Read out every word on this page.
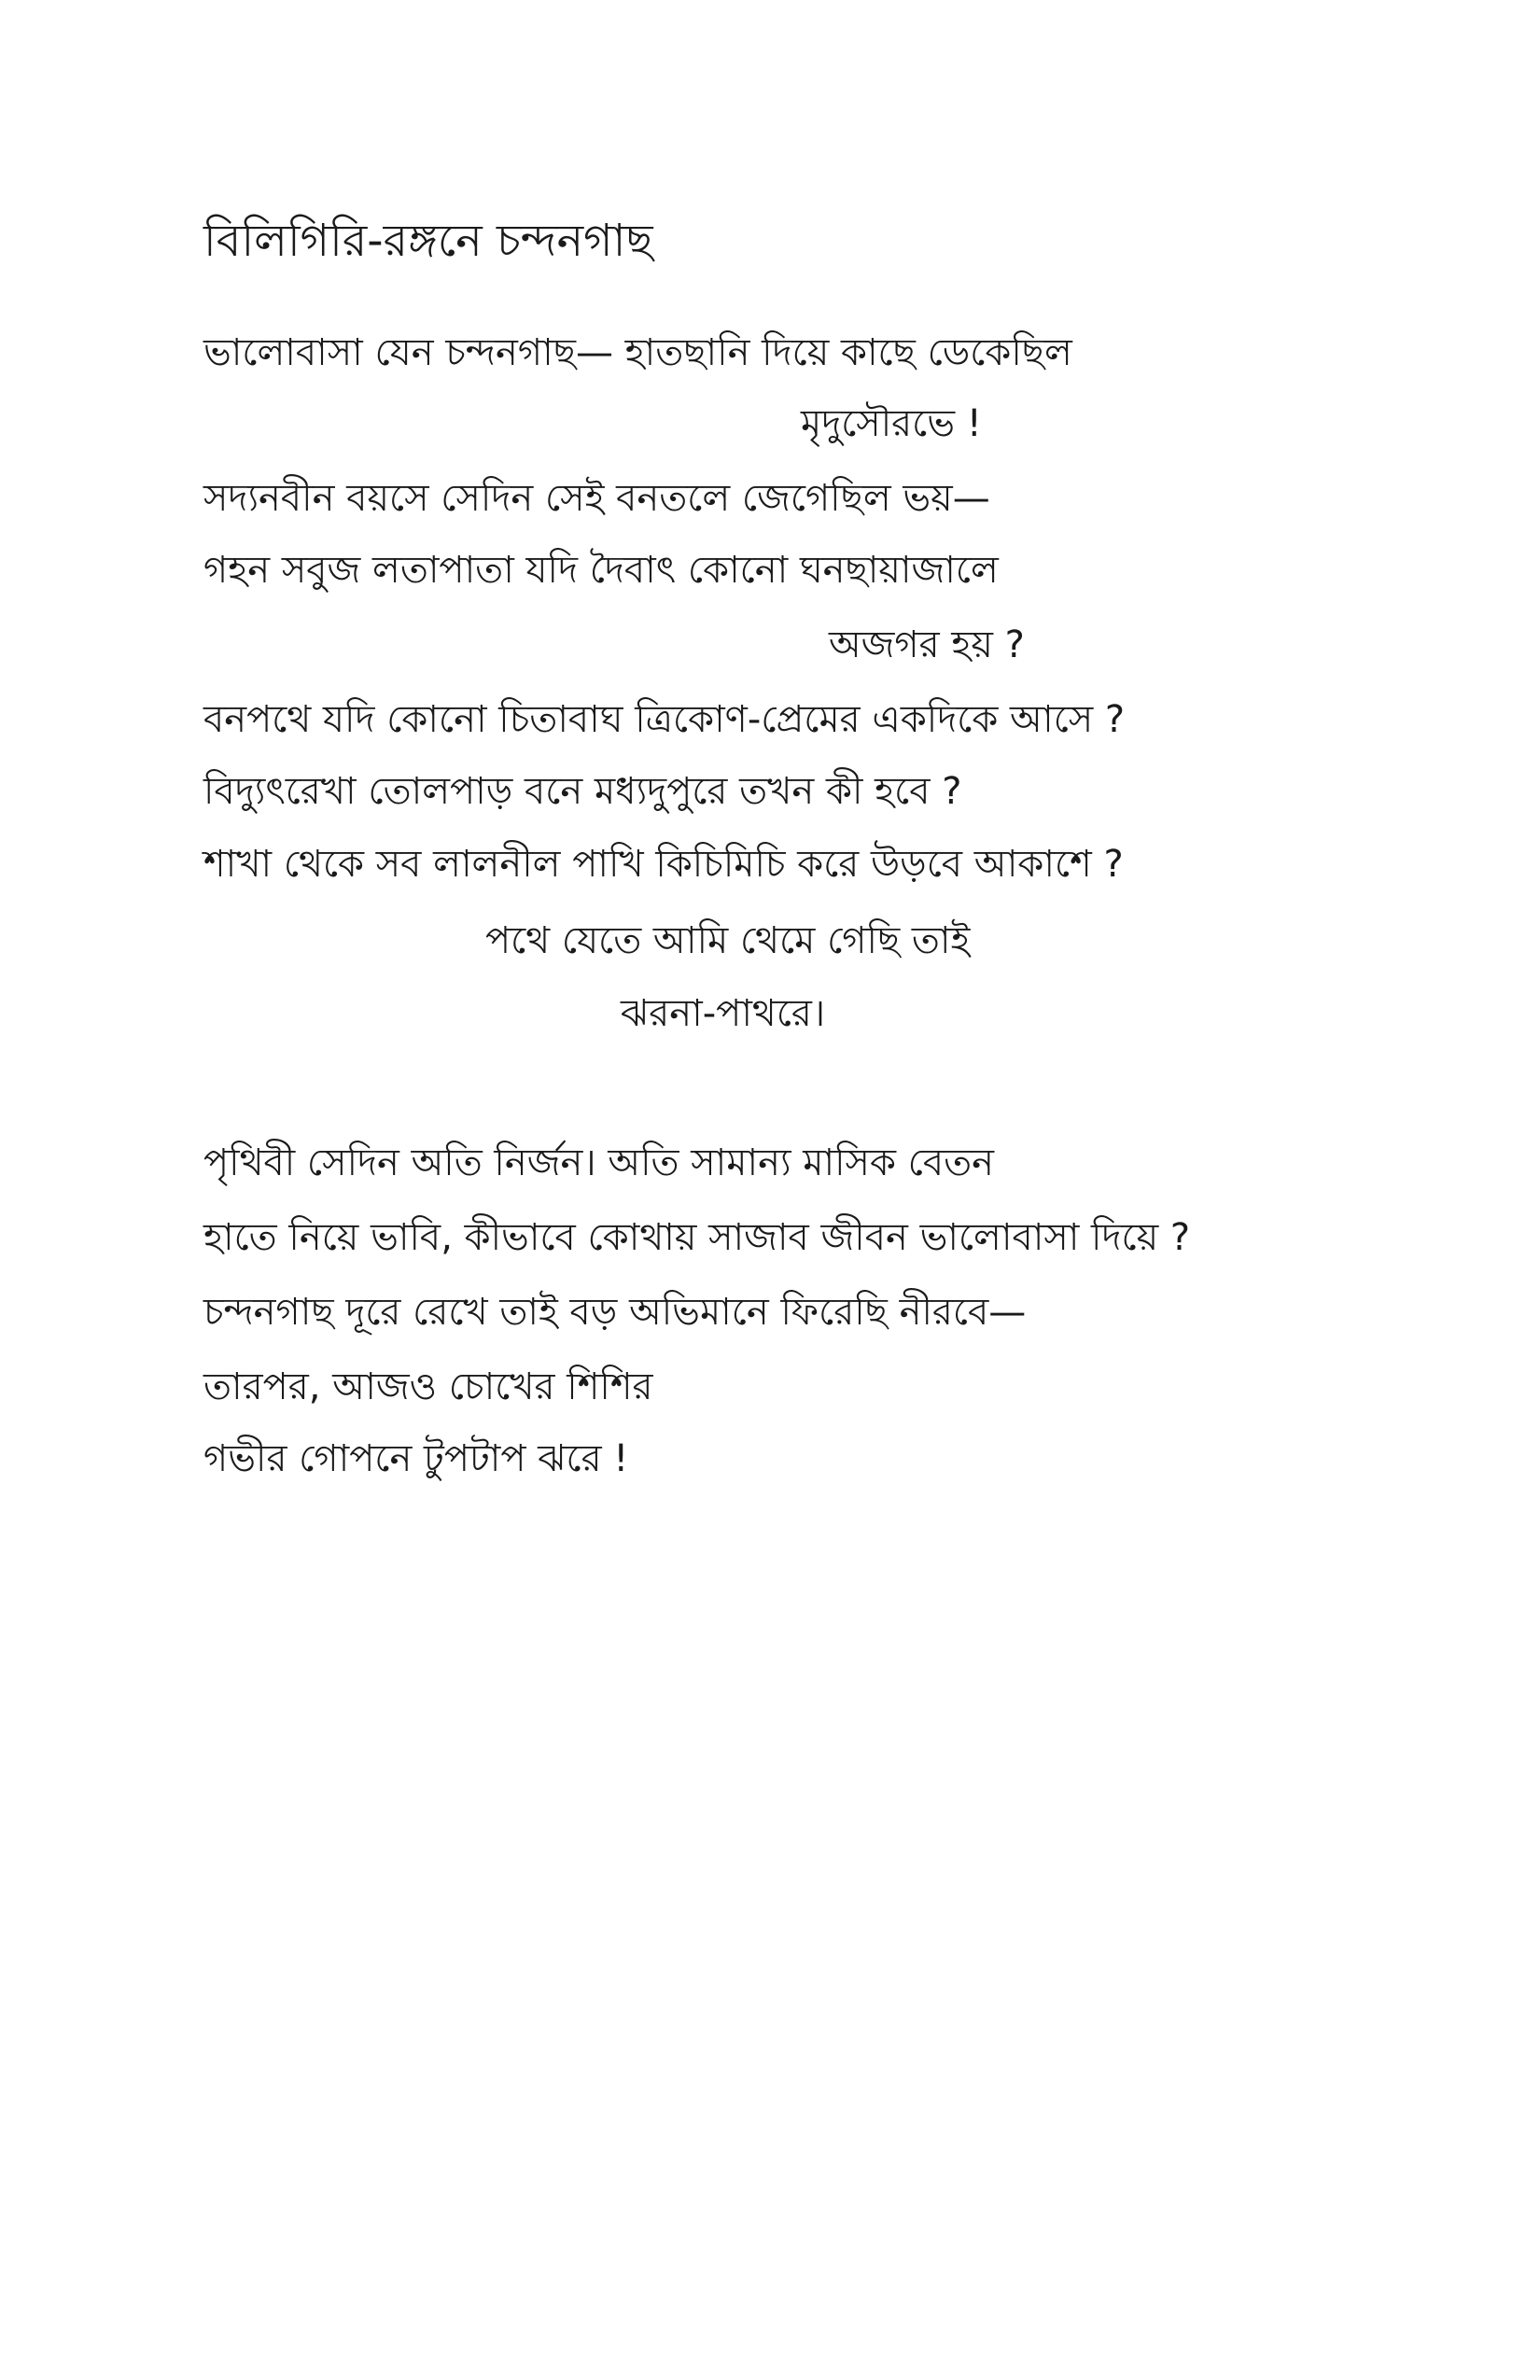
বিলিগিরি-রঙ্গনে চন্দনগাছ

ভালোবাসা যেন চন্দনগাছ— হাতছানি দিয়ে কাছে ডেকেছিল

মৃদুসৌরভে !

সদ্যনবীন বয়সে সেদিন সেই বনতলে জেগেছিল ভয়—

গহন সবুজ লতাপাতা যদি দৈবাৎ কোনো ঘনছায়াজালে

অজগর হয় ?

বনপথে যদি কোনো চিতাবাঘ ত্রিকোণ-প্রেমের একদিকে আসে ?

বিদ্যুৎরেখা তোলপাড় বনে মধ্যদুপুরে তখন কী হবে ?

শাখা থেকে সব লালনীল পাখি কিচিমিচি করে উড়বে আকাশে ?

পথে যেতে আমি থেমে গেছি তাই

ঝরনা-পাথরে।

পৃথিবী সেদিন অতি নির্জন। অতি সামান্য মাসিক বেতন

হাতে নিয়ে ভাবি, কীভাবে কোথায় সাজাব জীবন ভালোবাসা দিয়ে ?

চন্দনগাছ দূরে রেখে তাই বড় অভিমানে ফিরেছি নীরবে—

তারপর, আজও চোখের শিশির

গভীর গোপনে টুপটাপ ঝরে !
